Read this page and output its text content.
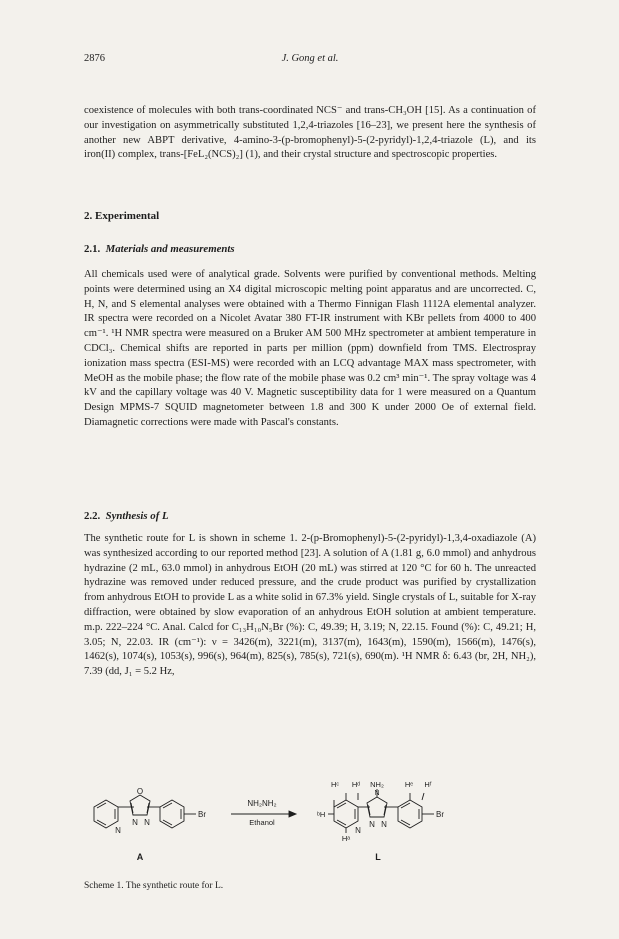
2876	J. Gong et al.
coexistence of molecules with both trans-coordinated NCS⁻ and trans-CH₃OH [15]. As a continuation of our investigation on asymmetrically substituted 1,2,4-triazoles [16–23], we present here the synthesis of another new ABPT derivative, 4-amino-3-(p-bromophenyl)-5-(2-pyridyl)-1,2,4-triazole (L), and its iron(II) complex, trans-[FeL₂(NCS)₂] (1), and their crystal structure and spectroscopic properties.
2. Experimental
2.1. Materials and measurements
All chemicals used were of analytical grade. Solvents were purified by conventional methods. Melting points were determined using an X4 digital microscopic melting point apparatus and are uncorrected. C, H, N, and S elemental analyses were obtained with a Thermo Finnigan Flash 1112A elemental analyzer. IR spectra were recorded on a Nicolet Avatar 380 FT-IR instrument with KBr pellets from 4000 to 400 cm⁻¹. ¹H NMR spectra were measured on a Bruker AM 500 MHz spectrometer at ambient temperature in CDCl₃. Chemical shifts are reported in parts per million (ppm) downfield from TMS. Electrospray ionization mass spectra (ESI-MS) were recorded with an LCQ advantage MAX mass spectrometer, with MeOH as the mobile phase; the flow rate of the mobile phase was 0.2 cm³ min⁻¹. The spray voltage was 4 kV and the capillary voltage was 40 V. Magnetic susceptibility data for 1 were measured on a Quantum Design MPMS-7 SQUID magnetometer between 1.8 and 300 K under 2000 Oe of external field. Diamagnetic corrections were made with Pascal's constants.
2.2. Synthesis of L
The synthetic route for L is shown in scheme 1. 2-(p-Bromophenyl)-5-(2-pyridyl)-1,3,4-oxadiazole (A) was synthesized according to our reported method [23]. A solution of A (1.81 g, 6.0 mmol) and anhydrous hydrazine (2 mL, 63.0 mmol) in anhydrous EtOH (20 mL) was stirred at 120 °C for 60 h. The unreacted hydrazine was removed under reduced pressure, and the crude product was purified by crystallization from anhydrous EtOH to provide L as a white solid in 67.3% yield. Single crystals of L, suitable for X-ray diffraction, were obtained by slow evaporation of an anhydrous EtOH solution at ambient temperature. m.p. 222–224 °C. Anal. Calcd for C₁₃H₁₀N₅Br (%): C, 49.39; H, 3.19; N, 22.15. Found (%): C, 49.21; H, 3.05; N, 22.03. IR (cm⁻¹): ν = 3426(m), 3221(m), 3137(m), 1643(m), 1590(m), 1566(m), 1476(s), 1462(s), 1074(s), 1053(s), 996(s), 964(m), 825(s), 785(s), 721(s), 690(m). ¹H NMR δ: 6.43 (br, 2H, NH₂), 7.39 (dd, J₁ = 5.2 Hz,
O
N
N N
Br
NH₂NH₂
Ethanol
Hᶜ Hᵈ NH₂
N
Hᵉ Hᶠ
ᵇH
N
Hᵃ
N N
Br
A	L
Scheme 1. The synthetic route for L.
